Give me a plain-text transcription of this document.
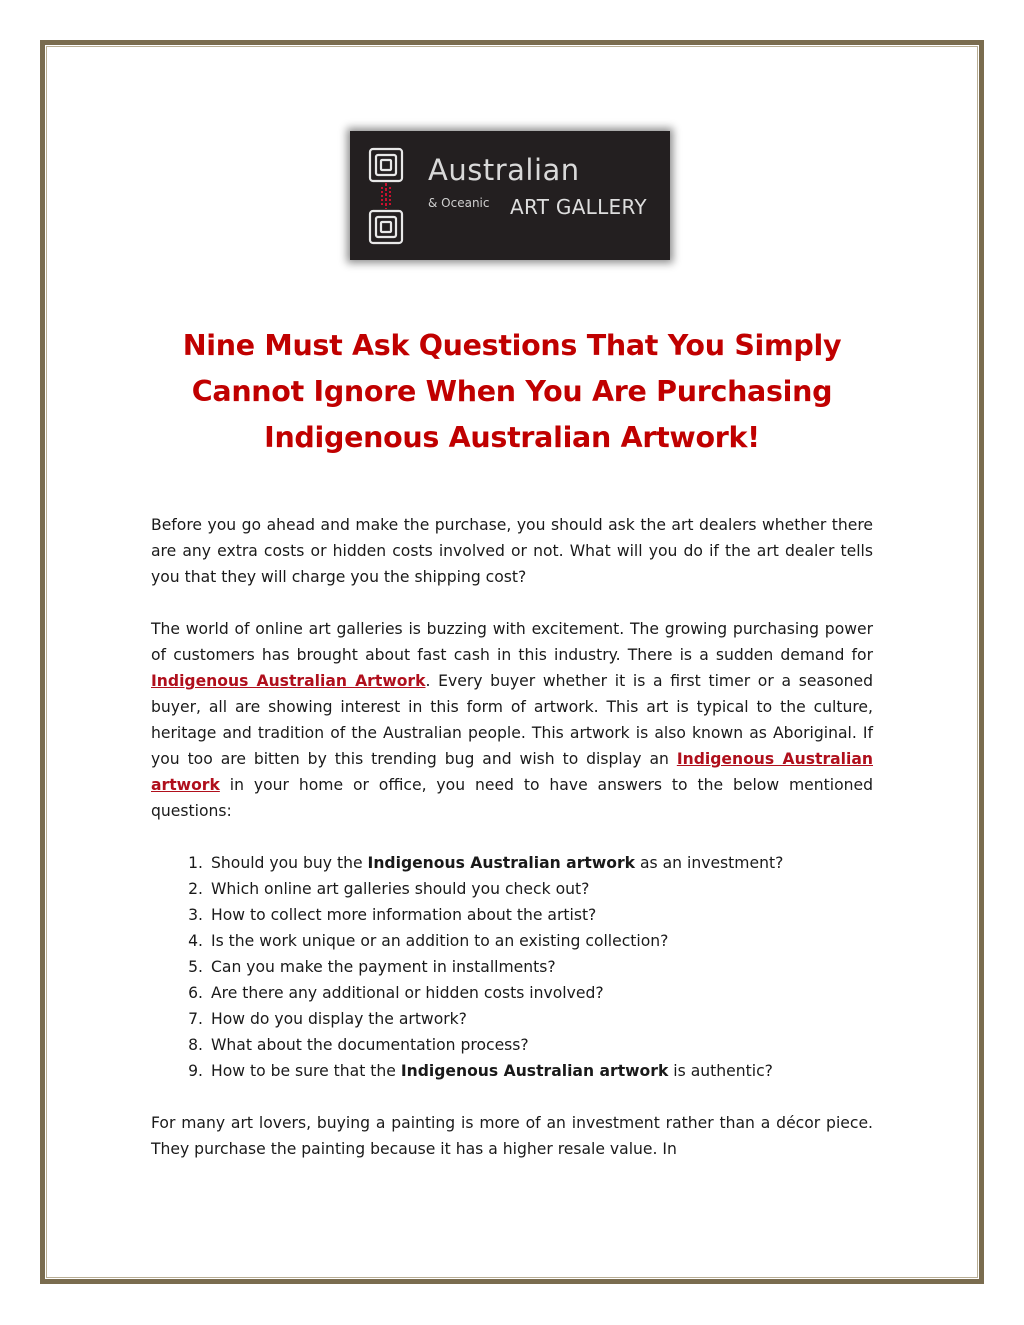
Australian
& Oceanic ART GALLERY
Nine Must Ask Questions That You Simply Cannot Ignore When You Are Purchasing Indigenous Australian Artwork!

Before you go ahead and make the purchase, you should ask the art dealers whether there are any extra costs or hidden costs involved or not. What will you do if the art dealer tells you that they will charge you the shipping cost?

The world of online art galleries is buzzing with excitement. The growing purchasing power of customers has brought about fast cash in this industry. There is a sudden demand for Indigenous Australian Artwork. Every buyer whether it is a first timer or a seasoned buyer, all are showing interest in this form of artwork. This art is typical to the culture, heritage and tradition of the Australian people. This artwork is also known as Aboriginal. If you too are bitten by this trending bug and wish to display an Indigenous Australian artwork in your home or office, you need to have answers to the below mentioned questions:

1. Should you buy the Indigenous Australian artwork as an investment?
2. Which online art galleries should you check out?
3. How to collect more information about the artist?
4. Is the work unique or an addition to an existing collection?
5. Can you make the payment in installments?
6. Are there any additional or hidden costs involved?
7. How do you display the artwork?
8. What about the documentation process?
9. How to be sure that the Indigenous Australian artwork is authentic?

For many art lovers, buying a painting is more of an investment rather than a décor piece. They purchase the painting because it has a higher resale value. In
